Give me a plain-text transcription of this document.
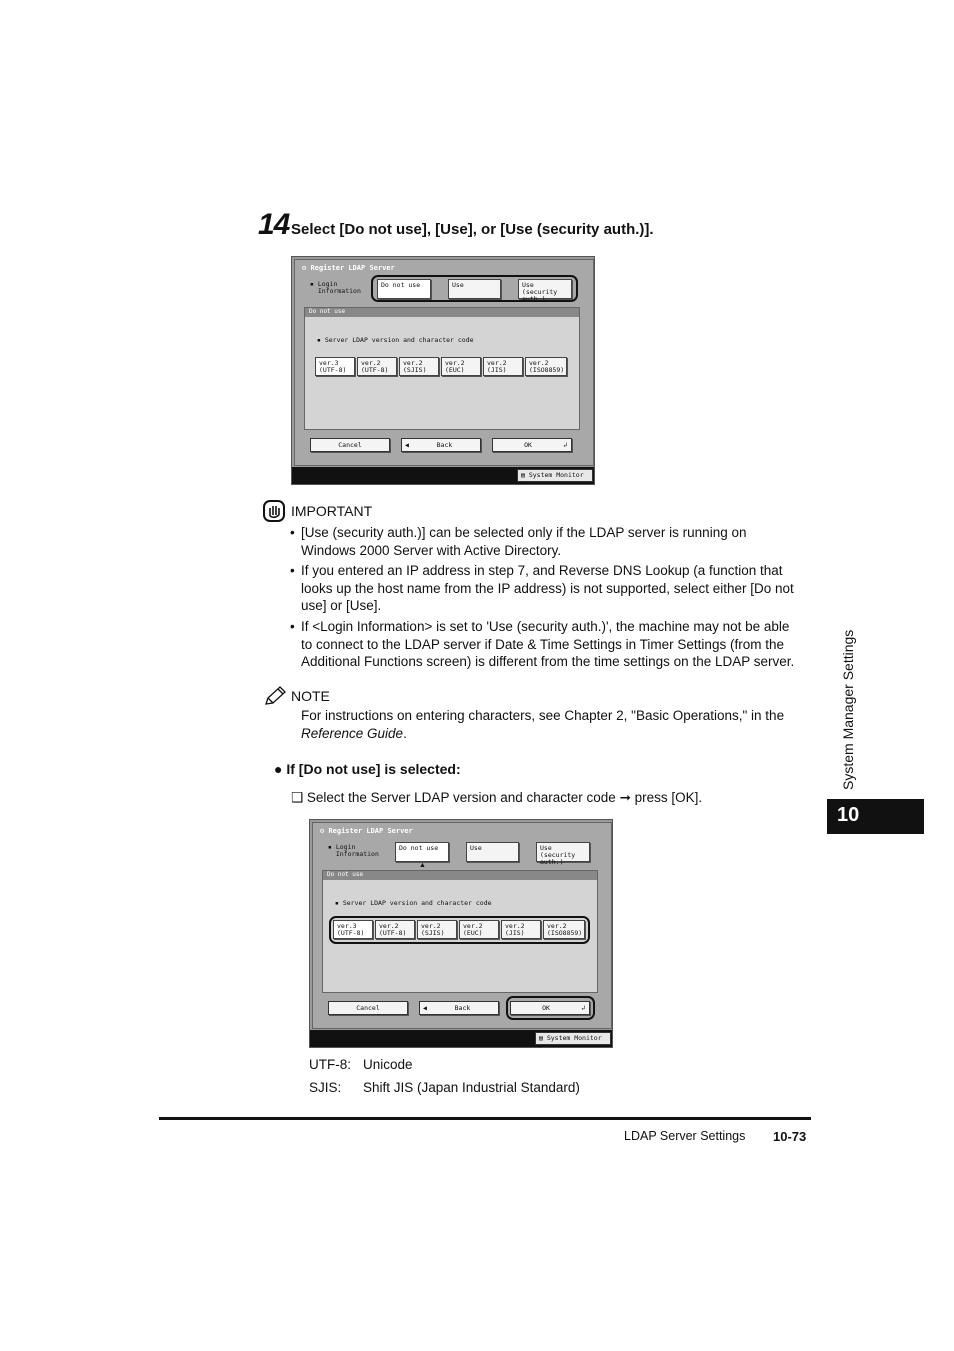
14 Select [Do not use], [Use], or [Use (security auth.)].
⚙ Register LDAP Server
▪ Login
Information
Do not use	Use	Use (security
auth.)
Do not use
▪ Server LDAP version and character code
ver.3
(UTF-8)
ver.2
(UTF-8)
ver.2
(SJIS)
ver.2
(EUC)
ver.2
(JIS)
ver.2
(ISO8859)
Cancel	◀	Back	OK	↲
▤ System Monitor ▸
IMPORTANT
• [Use (security auth.)] can be selected only if the LDAP server is running on
Windows 2000 Server with Active Directory.
• If you entered an IP address in step 7, and Reverse DNS Lookup (a function that
looks up the host name from the IP address) is not supported, select either [Do not
use] or [Use].
• If <Login Information> is set to 'Use (security auth.)', the machine may not be able
to connect to the LDAP server if Date & Time Settings in Timer Settings (from the
Additional Functions screen) is different from the time settings on the LDAP server.
NOTE
For instructions on entering characters, see Chapter 2, "Basic Operations," in the
Reference Guide.
● If [Do not use] is selected:
❑ Select the Server LDAP version and character code ➞ press [OK].
⚙ Register LDAP Server
▪ Login
Information
Do not use
▲
Use	Use (security
auth.)
Do not use
▪ Server LDAP version and character code
ver.3
(UTF-8)
ver.2
(UTF-8)
ver.2
(SJIS)
ver.2
(EUC)
ver.2
(JIS)
ver.2
(ISO8859)
Cancel	◀	Back	OK	↲
▤ System Monitor ▸
UTF-8: Unicode
SJIS: Shift JIS (Japan Industrial Standard)
System Manager Settings
10
LDAP Server Settings 10-73
